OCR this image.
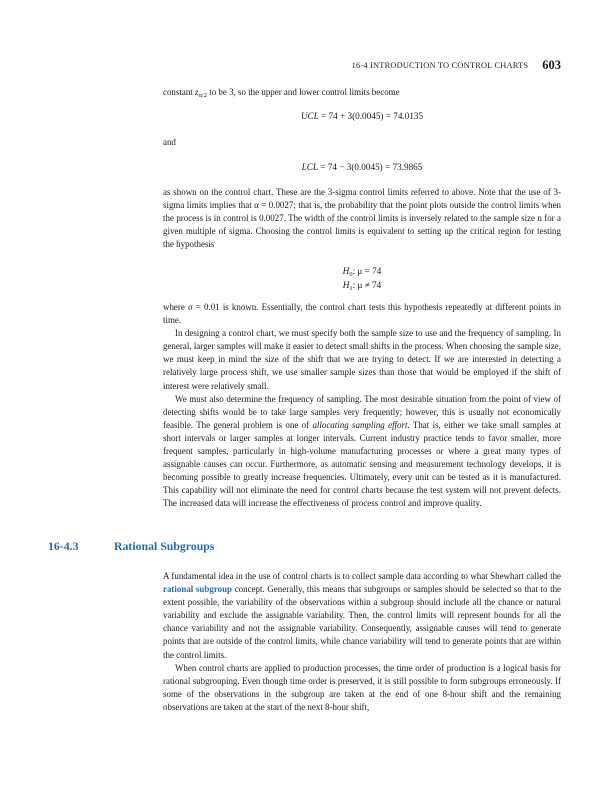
16-4 INTRODUCTION TO CONTROL CHARTS 603

constant $z_{\alpha/2}$ to be 3, so the upper and lower control limits become

UCL = 74 + 3(0.0045) = 74.0135
and
LCL = 74 − 3(0.0045) = 73.9865

as shown on the control chart. These are the 3-sigma control limits referred to above. Note that the use of 3-sigma limits implies that α = 0.0027; that is, the probability that the point plots outside the control limits when the process is in control is 0.0027. The width of the control limits is inversely related to the sample size n for a given multiple of sigma. Choosing the control limits is equivalent to setting up the critical region for testing the hypothesis

$H_0$: μ = 74
$H_1$: μ ≠ 74

where σ = 0.01 is known. Essentially, the control chart tests this hypothesis repeatedly at different points in time.

In designing a control chart, we must specify both the sample size to use and the frequency of sampling. In general, larger samples will make it easier to detect small shifts in the process. When choosing the sample size, we must keep in mind the size of the shift that we are trying to detect. If we are interested in detecting a relatively large process shift, we use smaller sample sizes than those that would be employed if the shift of interest were relatively small.

We must also determine the frequency of sampling. The most desirable situation from the point of view of detecting shifts would be to take large samples very frequently; however, this is usually not economically feasible. The general problem is one of allocating sampling effort. That is, either we take small samples at short intervals or larger samples at longer intervals. Current industry practice tends to favor smaller, more frequent samples, particularly in high-volume manufacturing processes or where a great many types of assignable causes can occur. Furthermore, as automatic sensing and measurement technology develops, it is becoming possible to greatly increase frequencies. Ultimately, every unit can be tested as it is manufactured. This capability will not eliminate the need for control charts because the test system will not prevent defects. The increased data will increase the effectiveness of process control and improve quality.

16-4.3	Rational Subgroups

A fundamental idea in the use of control charts is to collect sample data according to what Shewhart called the rational subgroup concept. Generally, this means that subgroups or samples should be selected so that to the extent possible, the variability of the observations within a subgroup should include all the chance or natural variability and exclude the assignable variability. Then, the control limits will represent bounds for all the chance variability and not the assignable variability. Consequently, assignable causes will tend to generate points that are outside of the control limits, while chance variability will tend to generate points that are within the control limits.

When control charts are applied to production processes, the time order of production is a logical basis for rational subgrouping. Even though time order is preserved, it is still possible to form subgroups erroneously. If some of the observations in the subgroup are taken at the end of one 8-hour shift and the remaining observations are taken at the start of the next 8-hour shift,
